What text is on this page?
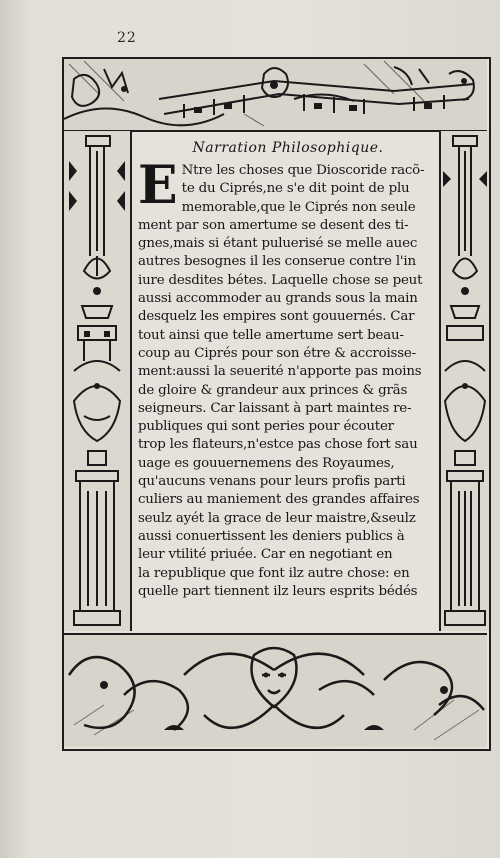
22
Narration Philosophique.
E Ntre les choses que Dioscoride racõ-
te du Ciprés,ne s'e dit point de plu
memorable,que le Ciprés non seule
ment par son amertume se desent des ti-
gnes,mais si étant puluerisé se melle auec
autres besognes il les conserue contre l'in
iure desdites bétes. Laquelle chose se peut
aussi accommoder au grands sous la main
desquelz les empires sont gouuernés. Car
tout ainsi que telle amertume sert beau-
coup au Ciprés pour son étre & accroisse-
ment:aussi la seuerité n'apporte pas moins
de gloire & grandeur aux princes & grãs
seigneurs. Car laissant à part maintes re-
publiques qui sont peries pour écouter
trop les flateurs,n'estce pas chose fort sau
uage es gouuernemens des Royaumes,
qu'aucuns venans pour leurs profis parti
culiers au maniement des grandes affaires
seulz ayét la grace de leur maistre,&seulz
aussi conuertissent les deniers publics à
leur vtilité priuée. Car en negotiant en
la republique que font ilz autre chose: en
quelle part tiennent ilz leurs esprits bédés
